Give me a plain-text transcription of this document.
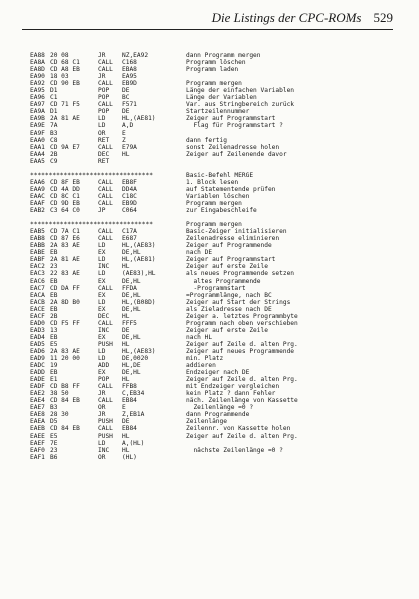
Die Listings der CPC-ROMs 529
EA88 20 08	JR	NZ,EA92	dann Programm mergen
EA8A CD 68 C1	CALL C168	Programm löschen
EA8D CD A8 EB	CALL EBA8	Programm laden
EA90 18 03	JR	EA95
EA92 CD 90 EB	CALL EB9D	Programm mergen
EA95 D1	POP DE	Länge der einfachen Variablen
EA96 C1	POP BC	Länge der Variablen
EA97 CD 71 F5	CALL F571	Var. aus Stringbereich zurück
EA9A D1	POP DE	Startzeilennummer
EA9B 2A 81 AE	LD	HL,(AE81)	Zeiger auf Programmstart
EA9E 7A	LD	A,D	Flag für Programmstart ?
EA9F B3	OR	E
EAA0 C8	RET Z	dann fertig
EAA1 CD 9A E7	CALL E79A	sonst Zeilenadresse holen
EAA4 2B	DEC HL	Zeiger auf Zeilenende davor
EAA5 C9	RET
*********************************	Basic-Befehl MERGE
EAA6 CD 8F EB	CALL EB8F	1. Block lesen
EAA9 CD 4A DD	CALL DD4A	auf Statementende prüfen
EAAC CD 8C C1	CALL C18C	Variablen löschen
EAAF CD 9D EB	CALL EB9D	Programm mergen
EAB2 C3 64 C0	JP	C064	zur Eingabeschleife
*********************************	Programm mergen
EAB5 CD 7A C1	CALL C17A	Basic-Zeiger initialisieren
EAB8 CD 87 E6	CALL E687	Zeilenadresse eliminieren
EABB 2A 83 AE	LD	HL,(AE83)	Zeiger auf Programmende
EABE EB	EX	DE,HL	nach DE
EABF 2A 81 AE	LD	HL,(AE81)	Zeiger auf Programmstart
EAC2 23	INC HL	Zeiger auf erste Zeile
EAC3 22 83 AE	LD	(AE83),HL	als neues Programmende setzen
EAC6 EB	EX	DE,HL	altes Programmende
EAC7 CD DA FF	CALL FFDA	-Programmstart
EACA EB	EX	DE,HL	=Programmlänge, nach BC
EACB 2A 8D B0	LD	HL,(B08D)	Zeiger auf Start der Strings
EACE EB	EX	DE,HL	als Zieladresse nach DE
EACF 2B	DEC HL	Zeiger a. letztes Programmbyte
EAD0 CD F5 FF	CALL FFF5	Programm nach oben verschieben
EAD3 13	INC DE	Zeiger auf erste Zeile
EAD4 EB	EX	DE,HL	nach HL
EAD5 E5	PUSH HL	Zeiger auf Zeile d. alten Prg.
EAD6 2A 83 AE	LD	HL,(AE83)	Zeiger auf neues Programmende
EAD9 11 20 00	LD	DE,0020	min. Platz
EADC 19	ADD HL,DE	addieren
EADD EB	EX	DE,HL	Endzeiger nach DE
EADE E1	POP HL	Zeiger auf Zeile d. alten Prg.
EADF CD B8 FF	CALL FFB8	mit Endzeiger vergleichen
EAE2 38 50	JR	C,EB34	kein Platz ? dann Fehler
EAE4 CD 84 EB	CALL EB84	näch. Zeilenlänge von Kassette
EAE7 B3	OR	E	Zeilenlänge =0 ?
EAE8 28 30	JR	Z,EB1A	dann Programmende
EAEA D5	PUSH DE	Zeilenlänge
EAEB CD 84 EB	CALL EB84	Zeilennr. von Kassette holen
EAEE E5	PUSH HL	Zeiger auf Zeile d. alten Prg.
EAEF 7E	LD	A,(HL)
EAF0 23	INC HL	nächste Zeilenlänge =0 ?
EAF1 B6	OR	(HL)
